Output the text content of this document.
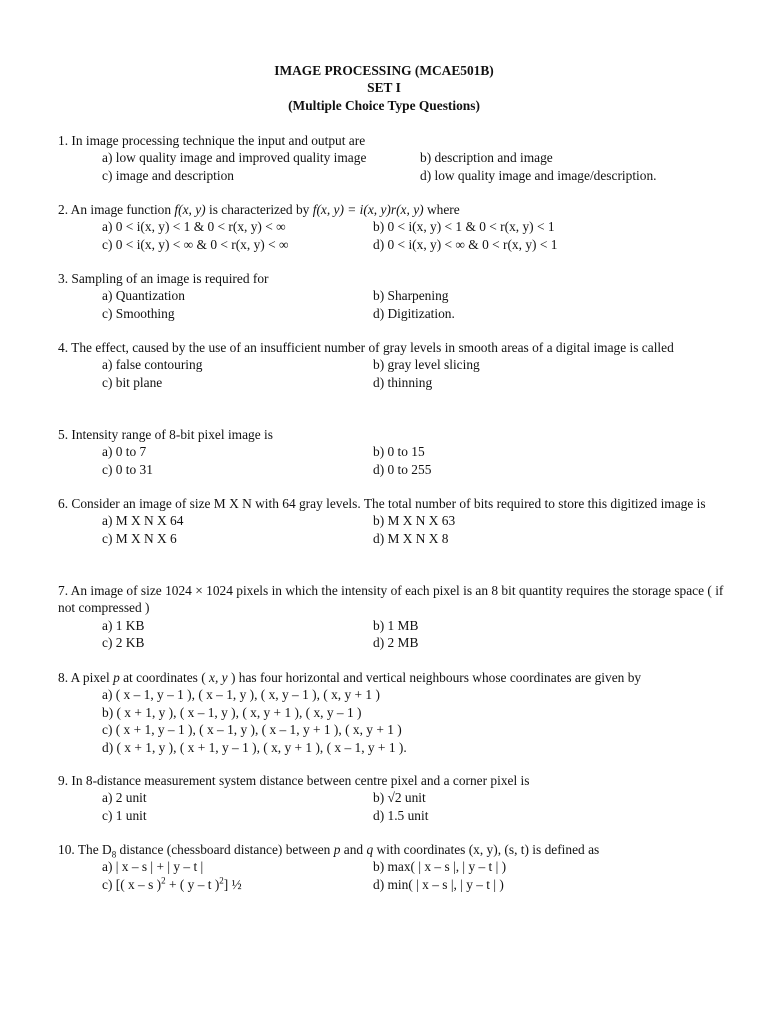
IMAGE PROCESSING (MCAE501B)
SET I
(Multiple Choice Type Questions)
1. In image processing technique the input and output are
a) low quality image and improved quality image	b) description and image
c) image and description	d) low quality image and image/description.
2. An image function f(x, y) is characterized by f(x, y) = i(x, y)r(x, y) where
a) 0 < i(x, y) < 1 & 0 < r(x, y) < ∞	b) 0 < i(x, y) < 1 & 0 < r(x, y) < 1
c) 0 < i(x, y) < ∞ & 0 < r(x, y) < ∞	d) 0 < i(x, y) < ∞ & 0 < r(x, y) < 1
3. Sampling of an image is required for
a) Quantization	b) Sharpening
c) Smoothing	d) Digitization.
4. The effect, caused by the use of an insufficient number of gray levels in smooth areas of a digital image is called
a) false contouring	b) gray level slicing
c) bit plane	d) thinning
5. Intensity range of 8-bit pixel image is
a) 0 to 7	b) 0 to 15
c) 0 to 31	d) 0 to 255
6. Consider an image of size M X N with 64 gray levels. The total number of bits required to store this digitized image is
a) M X N X 64	b) M X N X 63
c) M X N X 6	d) M X N X 8
7. An image of size 1024 × 1024 pixels in which the intensity of each pixel is an 8 bit quantity requires the storage space ( if not compressed )
a) 1 KB	b) 1 MB
c) 2 KB	d) 2 MB
8. A pixel p at coordinates ( x, y ) has four horizontal and vertical neighbours whose coordinates are given by
a) ( x – 1, y – 1 ), ( x – 1, y ), ( x, y – 1 ), ( x, y + 1 )
b) ( x + 1, y ), ( x – 1, y ), ( x, y + 1 ), ( x, y – 1 )
c) ( x + 1, y – 1 ), ( x – 1, y ), ( x – 1, y + 1 ), ( x, y + 1 )
d) ( x + 1, y ), ( x + 1, y – 1 ), ( x, y + 1 ), ( x – 1, y + 1 ).
9. In 8-distance measurement system distance between centre pixel and a corner pixel is
a) 2 unit	b) √2 unit
c) 1 unit	d) 1.5 unit
10. The $D_8$ distance (chessboard distance) between p and q with coordinates (x, y), (s, t) is defined as
a) | x – s | + | y – t |	b) max( | x – s |, | y – t | )
c) [( x – s )$^2$ + ( y – t )$^2$] ½	d) min( | x – s |, | y – t | )
